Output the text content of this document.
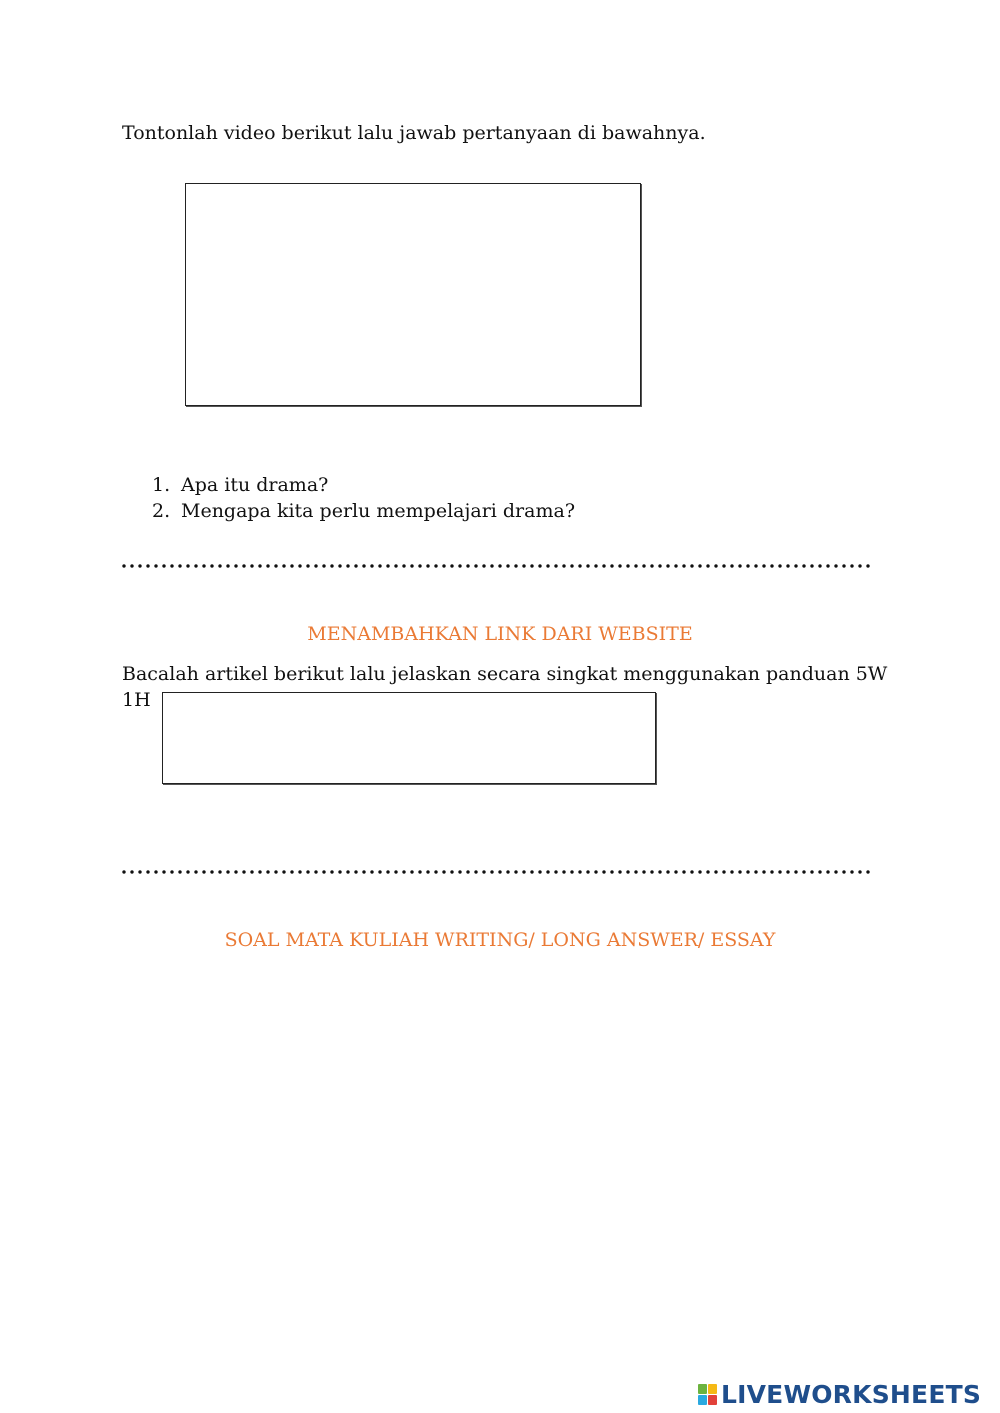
Tontonlah video berikut lalu jawab pertanyaan di bawahnya.
1. Apa itu drama?
2. Mengapa kita perlu mempelajari drama?
MENAMBAHKAN LINK DARI WEBSITE
Bacalah artikel berikut lalu jelaskan secara singkat menggunakan panduan 5W
1H
SOAL MATA KULIAH WRITING/ LONG ANSWER/ ESSAY
LIVEWORKSHEETS
